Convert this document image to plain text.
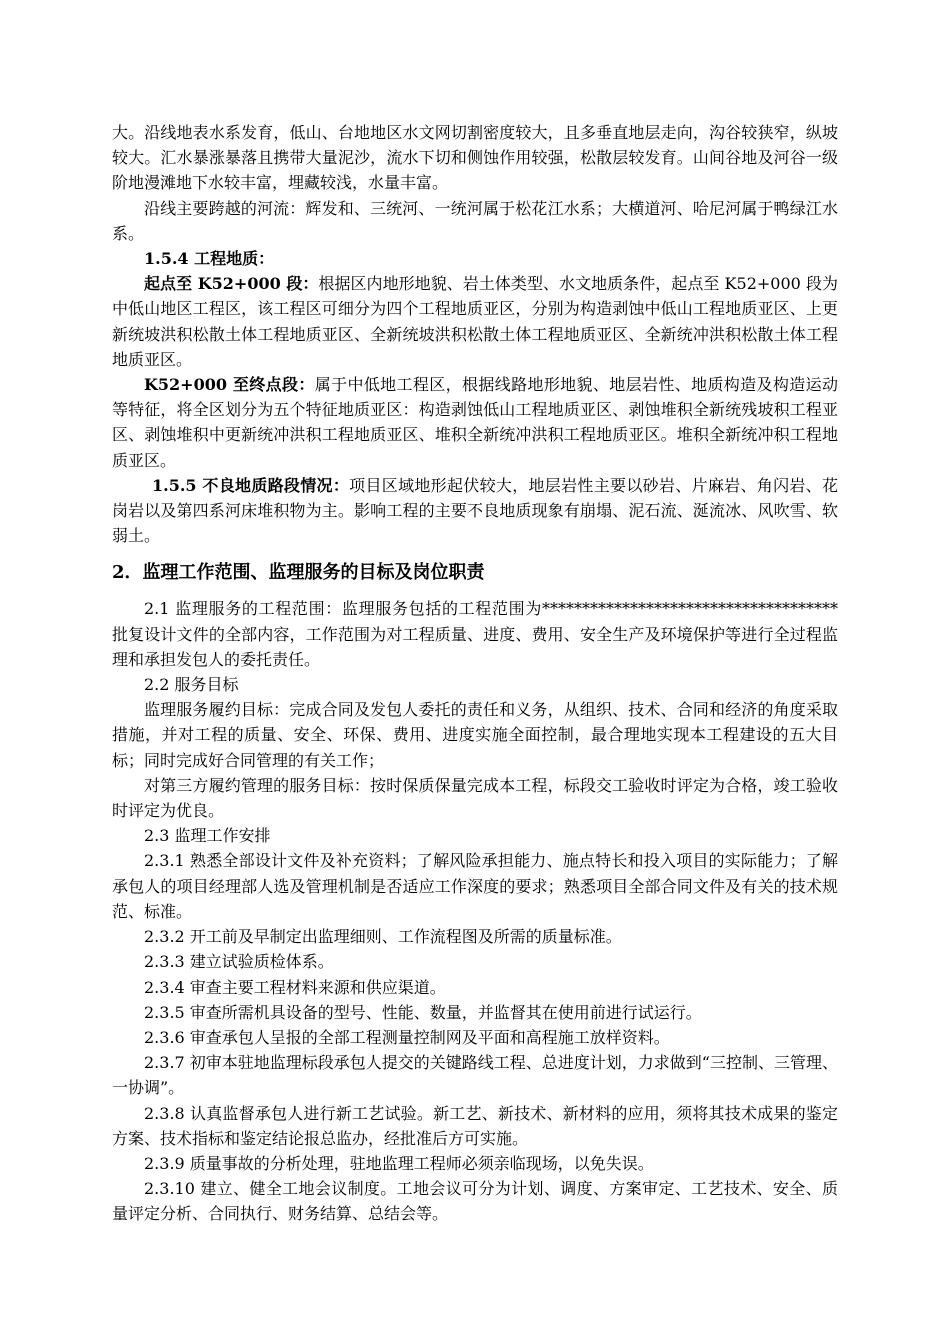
大。沿线地表水系发育，低山、台地地区水文网切割密度较大，且多垂直地层走向，沟谷较狭窄，纵坡较大。汇水暴涨暴落且携带大量泥沙，流水下切和侧蚀作用较强，松散层较发育。山间谷地及河谷一级阶地漫滩地下水较丰富，埋藏较浅，水量丰富。

沿线主要跨越的河流：辉发和、三统河、一统河属于松花江水系；大横道河、哈尼河属于鸭绿江水系。

1.5.4 工程地质：

起点至 K52+000 段：根据区内地形地貌、岩土体类型、水文地质条件，起点至 K52+000 段为中低山地区工程区，该工程区可细分为四个工程地质亚区，分别为构造剥蚀中低山工程地质亚区、上更新统坡洪积松散土体工程地质亚区、全新统坡洪积松散土体工程地质亚区、全新统冲洪积松散土体工程地质亚区。

K52+000 至终点段：属于中低地工程区，根据线路地形地貌、地层岩性、地质构造及构造运动等特征，将全区划分为五个特征地质亚区：构造剥蚀低山工程地质亚区、剥蚀堆积全新统残坡积工程亚区、剥蚀堆积中更新统冲洪积工程地质亚区、堆积全新统冲洪积工程地质亚区。堆积全新统冲积工程地质亚区。

1.5.5 不良地质路段情况：项目区域地形起伏较大，地层岩性主要以砂岩、片麻岩、角闪岩、花岗岩以及第四系河床堆积物为主。影响工程的主要不良地质现象有崩塌、泥石流、涎流冰、风吹雪、软弱土。

2．监理工作范围、监理服务的目标及岗位职责

2.1 监理服务的工程范围：监理服务包括的工程范围为*************************************批复设计文件的全部内容，工作范围为对工程质量、进度、费用、安全生产及环境保护等进行全过程监理和承担发包人的委托责任。

2.2 服务目标

监理服务履约目标：完成合同及发包人委托的责任和义务，从组织、技术、合同和经济的角度采取措施，并对工程的质量、安全、环保、费用、进度实施全面控制，最合理地实现本工程建设的五大目标；同时完成好合同管理的有关工作；

对第三方履约管理的服务目标：按时保质保量完成本工程，标段交工验收时评定为合格，竣工验收时评定为优良。

2.3 监理工作安排

2.3.1 熟悉全部设计文件及补充资料；了解风险承担能力、施点特长和投入项目的实际能力；了解承包人的项目经理部人选及管理机制是否适应工作深度的要求；熟悉项目全部合同文件及有关的技术规范、标准。

2.3.2 开工前及早制定出监理细则、工作流程图及所需的质量标准。

2.3.3 建立试验质检体系。

2.3.4 审查主要工程材料来源和供应渠道。

2.3.5 审查所需机具设备的型号、性能、数量，并监督其在使用前进行试运行。

2.3.6 审查承包人呈报的全部工程测量控制网及平面和高程施工放样资料。

2.3.7 初审本驻地监理标段承包人提交的关键路线工程、总进度计划，力求做到“三控制、三管理、一协调”。

2.3.8 认真监督承包人进行新工艺试验。新工艺、新技术、新材料的应用，须将其技术成果的鉴定方案、技术指标和鉴定结论报总监办，经批准后方可实施。

2.3.9 质量事故的分析处理，驻地监理工程师必须亲临现场，以免失误。

2.3.10 建立、健全工地会议制度。工地会议可分为计划、调度、方案审定、工艺技术、安全、质量评定分析、合同执行、财务结算、总结会等。
